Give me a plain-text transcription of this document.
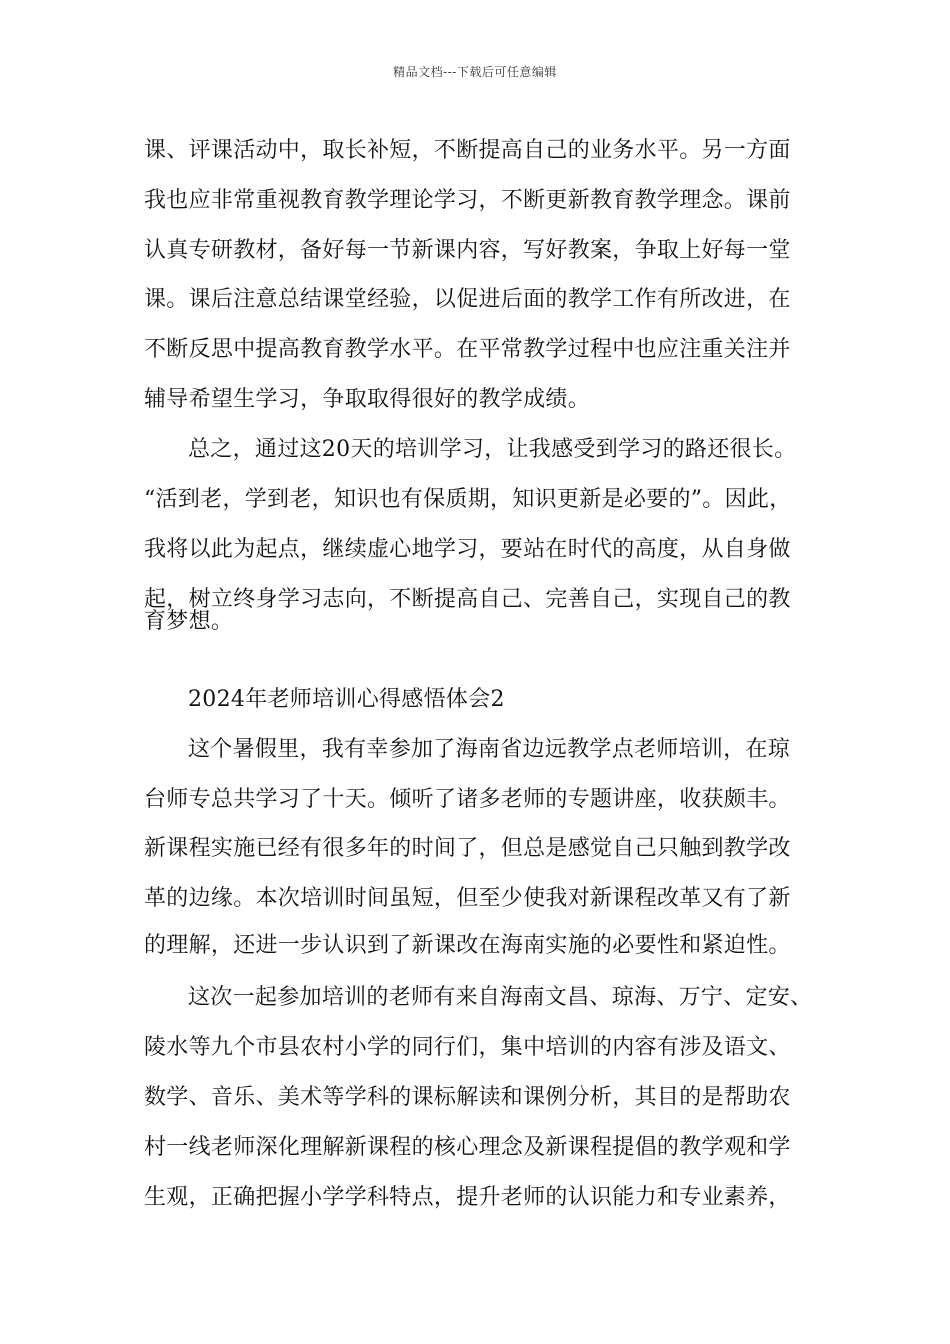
精品文档---下载后可任意编辑
课、评课活动中，取长补短，不断提高自己的业务水平。另一方面
我也应非常重视教育教学理论学习，不断更新教育教学理念。课前
认真专研教材，备好每一节新课内容，写好教案，争取上好每一堂
课。课后注意总结课堂经验，以促进后面的教学工作有所改进，在
不断反思中提高教育教学水平。在平常教学过程中也应注重关注并
辅导希望生学习，争取取得很好的教学成绩。
总之，通过这20天的培训学习，让我感受到学习的路还很长。
“活到老，学到老，知识也有保质期，知识更新是必要的”。因此，
我将以此为起点，继续虚心地学习，要站在时代的高度，从自身做
起，树立终身学习志向，不断提高自己、完善自己，实现自己的教
育梦想。
2024年老师培训心得感悟体会2
这个暑假里，我有幸参加了海南省边远教学点老师培训，在琼
台师专总共学习了十天。倾听了诸多老师的专题讲座，收获颇丰。
新课程实施已经有很多年的时间了，但总是感觉自己只触到教学改
革的边缘。本次培训时间虽短，但至少使我对新课程改革又有了新
的理解，还进一步认识到了新课改在海南实施的必要性和紧迫性。
这次一起参加培训的老师有来自海南文昌、琼海、万宁、定安、
陵水等九个市县农村小学的同行们，集中培训的内容有涉及语文、
数学、音乐、美术等学科的课标解读和课例分析，其目的是帮助农
村一线老师深化理解新课程的核心理念及新课程提倡的教学观和学
生观，正确把握小学学科特点，提升老师的认识能力和专业素养，
